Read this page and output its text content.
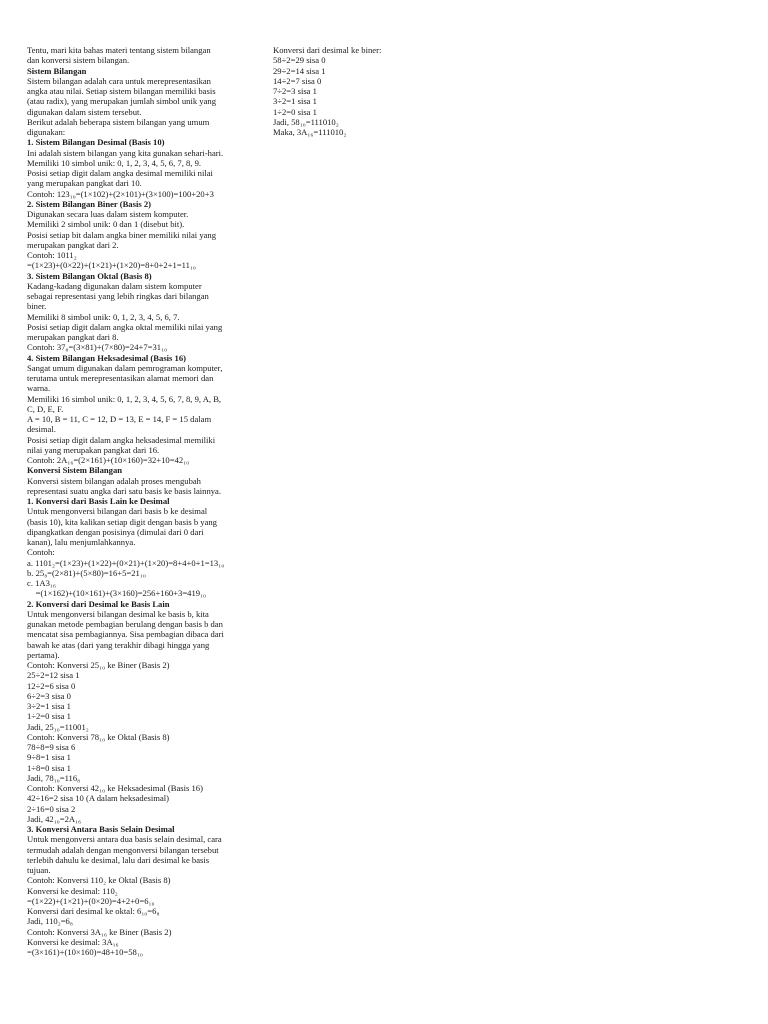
Tentu, mari kita bahas materi tentang sistem bilangan
dan konversi sistem bilangan.
Sistem Bilangan
Sistem bilangan adalah cara untuk merepresentasikan
angka atau nilai. Setiap sistem bilangan memiliki basis
(atau radix), yang merupakan jumlah simbol unik yang
digunakan dalam sistem tersebut.
Berikut adalah beberapa sistem bilangan yang umum
digunakan:
1. Sistem Bilangan Desimal (Basis 10)
Ini adalah sistem bilangan yang kita gunakan sehari-hari.
Memiliki 10 simbol unik: 0, 1, 2, 3, 4, 5, 6, 7, 8, 9.
Posisi setiap digit dalam angka desimal memiliki nilai
yang merupakan pangkat dari 10.
Contoh: 123₁₀=(1×102)+(2×101)+(3×100)=100+20+3
2. Sistem Bilangan Biner (Basis 2)
Digunakan secara luas dalam sistem komputer.
Memiliki 2 simbol unik: 0 dan 1 (disebut bit).
Posisi setiap bit dalam angka biner memiliki nilai yang
merupakan pangkat dari 2.
Contoh: 1011₂
=(1×23)+(0×22)+(1×21)+(1×20)=8+0+2+1=11₁₀
3. Sistem Bilangan Oktal (Basis 8)
Kadang-kadang digunakan dalam sistem komputer
sebagai representasi yang lebih ringkas dari bilangan
biner.
Memiliki 8 simbol unik: 0, 1, 2, 3, 4, 5, 6, 7.
Posisi setiap digit dalam angka oktal memiliki nilai yang
merupakan pangkat dari 8.
Contoh: 37₈=(3×81)+(7×80)=24+7=31₁₀
4. Sistem Bilangan Heksadesimal (Basis 16)
Sangat umum digunakan dalam pemrograman komputer,
terutama untuk merepresentasikan alamat memori dan
warna.
Memiliki 16 simbol unik: 0, 1, 2, 3, 4, 5, 6, 7, 8, 9, A, B,
C, D, E, F.
A = 10, B = 11, C = 12, D = 13, E = 14, F = 15 dalam
desimal.
Posisi setiap digit dalam angka heksadesimal memiliki
nilai yang merupakan pangkat dari 16.
Contoh: 2A₁₆=(2×161)+(10×160)=32+10=42₁₀
Konversi Sistem Bilangan
Konversi sistem bilangan adalah proses mengubah
representasi suatu angka dari satu basis ke basis lainnya.
1. Konversi dari Basis Lain ke Desimal
Untuk mengonversi bilangan dari basis b ke desimal
(basis 10), kita kalikan setiap digit dengan basis b yang
dipangkatkan dengan posisinya (dimulai dari 0 dari
kanan), lalu menjumlahkannya.
Contoh:
a. 1101₂=(1×23)+(1×22)+(0×21)+(1×20)=8+4+0+1=13₁₀
b. 25₈=(2×81)+(5×80)=16+5=21₁₀
c. 1A3₁₆
=(1×162)+(10×161)+(3×160)=256+160+3=419₁₀
2. Konversi dari Desimal ke Basis Lain
Untuk mengonversi bilangan desimal ke basis b, kita
gunakan metode pembagian berulang dengan basis b dan
mencatat sisa pembagiannya. Sisa pembagian dibaca dari
bawah ke atas (dari yang terakhir dibagi hingga yang
pertama).
Contoh: Konversi 25₁₀ ke Biner (Basis 2)
25÷2=12 sisa 1
12÷2=6 sisa 0
6÷2=3 sisa 0
3÷2=1 sisa 1
1÷2=0 sisa 1
Jadi, 25₁₀=11001₂
Contoh: Konversi 78₁₀ ke Oktal (Basis 8)
78÷8=9 sisa 6
9÷8=1 sisa 1
1÷8=0 sisa 1
Jadi, 78₁₀=116₈
Contoh: Konversi 42₁₀ ke Heksadesimal (Basis 16)
42÷16=2 sisa 10 (A dalam heksadesimal)
2÷16=0 sisa 2
Jadi, 42₁₀=2A₁₆
3. Konversi Antara Basis Selain Desimal
Untuk mengonversi antara dua basis selain desimal, cara
termudah adalah dengan mengonversi bilangan tersebut
terlebih dahulu ke desimal, lalu dari desimal ke basis
tujuan.
Contoh: Konversi 110₂ ke Oktal (Basis 8)
Konversi ke desimal: 110₂
=(1×22)+(1×21)+(0×20)=4+2+0=6₁₀
Konversi dari desimal ke oktal: 6₁₀=6₈
Jadi, 110₂=6₈
Contoh: Konversi 3A₁₆ ke Biner (Basis 2)
Konversi ke desimal: 3A₁₆
=(3×161)+(10×160)=48+10=58₁₀
Konversi dari desimal ke biner:
58÷2=29 sisa 0
29÷2=14 sisa 1
14÷2=7 sisa 0
7÷2=3 sisa 1
3÷2=1 sisa 1
1÷2=0 sisa 1
Jadi, 58₁₀=111010₂
Maka, 3A₁₆=111010₂
